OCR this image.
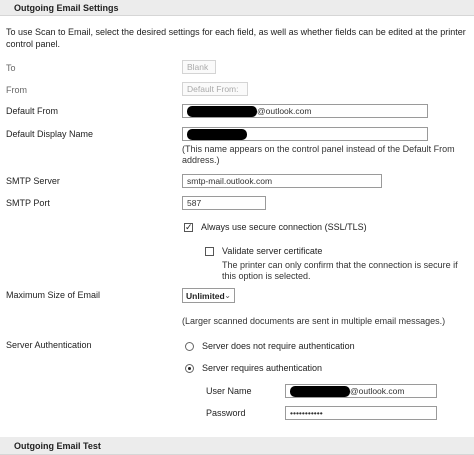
Outgoing Email Settings
To use Scan to Email, select the desired settings for each field, as well as whether fields can be edited at the printer control panel.
To	Blank
From	Default From:
Default From	@outlook.com
Default Display Name
(This name appears on the control panel instead of the Default From address.)
SMTP Server	smtp-mail.outlook.com
SMTP Port	587
✓ Always use secure connection (SSL/TLS)
Validate server certificate
The printer can only confirm that the connection is secure if this option is selected.
Maximum Size of Email	Unlimited ⌄
(Larger scanned documents are sent in multiple email messages.)
Server Authentication	Server does not require authentication
Server requires authentication
User Name	@outlook.com
Password	•••••••••••
Outgoing Email Test
